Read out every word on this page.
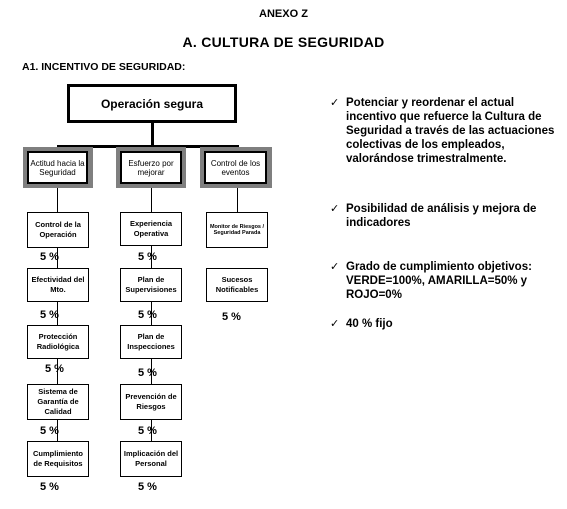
ANEXO Z
A. CULTURA DE SEGURIDAD
A1. INCENTIVO DE SEGURIDAD:
Operación segura
Actitud hacia la Seguridad
Esfuerzo por mejorar
Control de los eventos
Control de la Operación
5 %
Efectividad del Mto.
5 %
Protección Radiológica
5 %
Sistema de Garantía de Calidad
5 %
Cumplimiento de Requisitos
5 %
Experiencia Operativa
5 %
Plan de Supervisiones
5 %
Plan de Inspecciones
5 %
Prevención de Riesgos
5 %
Implicación del Personal
5 %
Monitor de Riesgos / Seguridad Parada
Sucesos Notificables
5 %
✓ Potenciar y reordenar el actual incentivo que refuerce la Cultura de Seguridad a través de las actuaciones colectivas de los empleados, valorándose trimestralmente.
✓ Posibilidad de análisis y mejora de indicadores
✓ Grado de cumplimiento objetivos: VERDE=100%, AMARILLA=50% y ROJO=0%
✓ 40 % fijo
